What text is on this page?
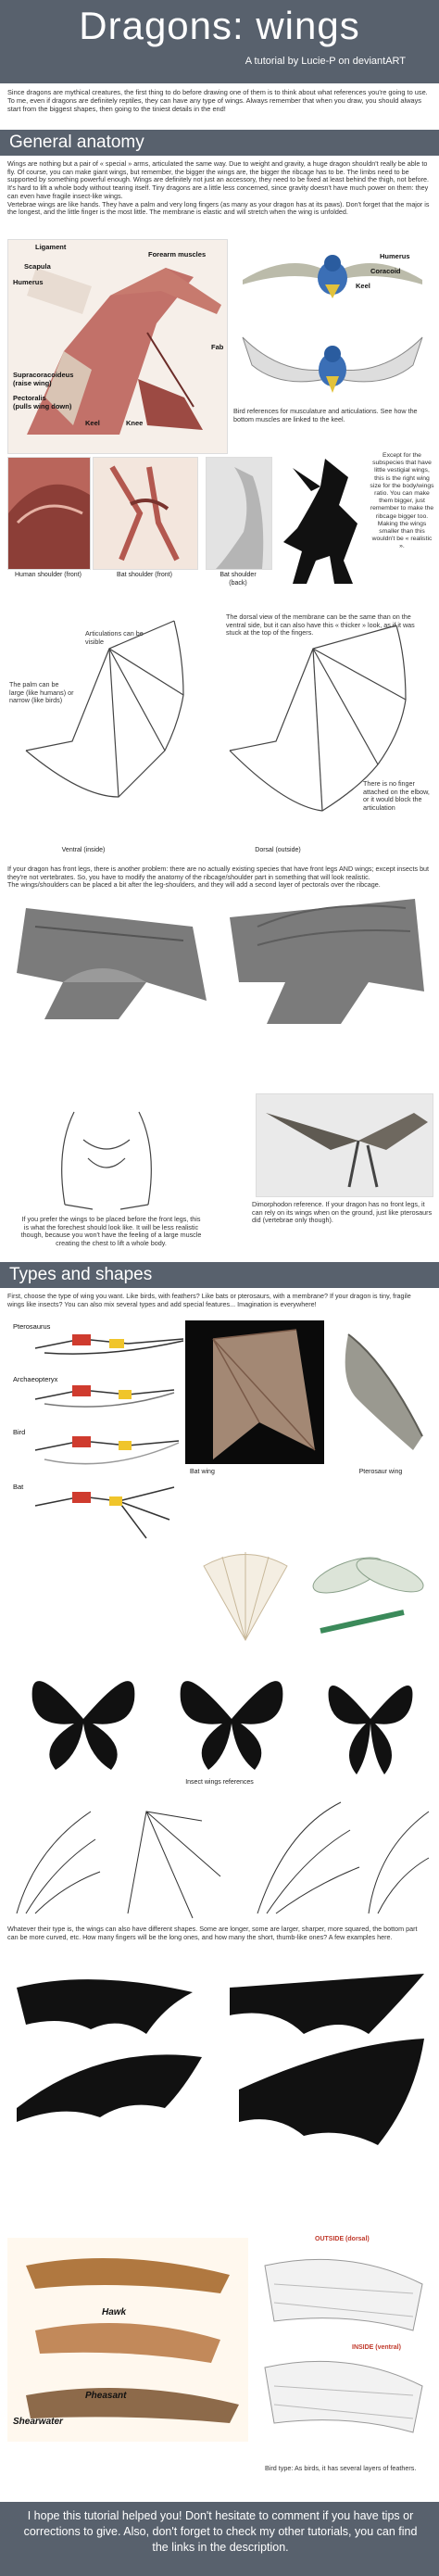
Dragons: wings
A tutorial by Lucie-P on deviantART
Since dragons are mythical creatures, the first thing to do before drawing one of them is to think about what references you're going to use. To me, even if dragons are definitely reptiles, they can have any type of wings. Always remember that when you draw, you should always start from the biggest shapes, then going to the tiniest details in the end!
General anatomy
Wings are nothing but a pair of « special » arms, articulated the same way. Due to weight and gravity, a huge dragon shouldn't really be able to fly. Of course, you can make giant wings, but remember, the bigger the wings are, the bigger the ribcage has to be. The limbs need to be supported by something powerful enough. Wings are definitely not just an accessory, they need to be fixed at least behind the thigh, not before. It's hard to lift a whole body without tearing itself. Tiny dragons are a little less concerned, since gravity doesn't have much power on them: they can even have fragile insect-like wings.
Vertebrae wings are like hands. They have a palm and very long fingers (as many as your dragon has at its paws). Don't forget that the major is the longest, and the little finger is the most little. The membrane is elastic and will stretch when the wing is unfolded.
Ligament
Scapula
Humerus
Forearm muscles
Supracoracoideus
(raise wing)
Pectoralis
(pulls wing down)
Keel	Knee
Fab
Humerus
Coracoid
Keel
Bird references for musculature and articulations. See how the bottom muscles are linked to the keel.
Human shoulder (front)	Bat shoulder (front)	Bat shoulder
(back)
Except for the subspecies that have little vestigial wings, this is the right wing size for the body/wings ratio. You can make them bigger, just remember to make the ribcage bigger too. Making the wings smaller than this wouldn't be « realistic ».
The palm can be large (like humans) or narrow (like birds)
Articulations can be visible
The dorsal view of the membrane can be the same than on the ventral side, but it can also have this « thicker » look, as if it was stuck at the top of the fingers.
There is no finger attached on the elbow, or it would block the articulation
Ventral (inside)	Dorsal (outside)
If your dragon has front legs, there is another problem: there are no actually existing species that have front legs AND wings; except insects but they're not vertebrates. So, you have to modify the anatomy of the ribcage/shoulder part in something that will look realistic.
The wings/shoulders can be placed a bit after the leg-shoulders, and they will add a second layer of pectorals over the ribcage.
If you prefer the wings to be placed before the front legs, this is what the forechest should look like. It will be less realistic though, because you won't have the feeling of a large muscle creating the chest to lift a whole body.
Dimorphodon reference. If your dragon has no front legs, it can rely on its wings when on the ground, just like pterosaurs did (vertebrae only though).
Types and shapes
First, choose the type of wing you want. Like birds, with feathers? Like bats or pterosaurs, with a membrane? If your dragon is tiny, fragile wings like insects? You can also mix several types and add special features... Imagination is everywhere!
Pterosaurus
Archaeopteryx
Bird
Bat
Bat wing	Pterosaur wing
Insect wings references
Whatever their type is, the wings can also have different shapes. Some are longer, some are larger, sharper, more squared, the bottom part can be more curved, etc. How many fingers will be the long ones, and how many the short, thumb-like ones? A few examples here.
Hawk
Pheasant
Shearwater
OUTSIDE (dorsal)
INSIDE (ventral)
Bird type: As birds, it has several layers of feathers.
I hope this tutorial helped you! Don't hesitate to comment if you have tips or corrections to give. Also, don't forget to check my other tutorials, you can find the links in the description.
